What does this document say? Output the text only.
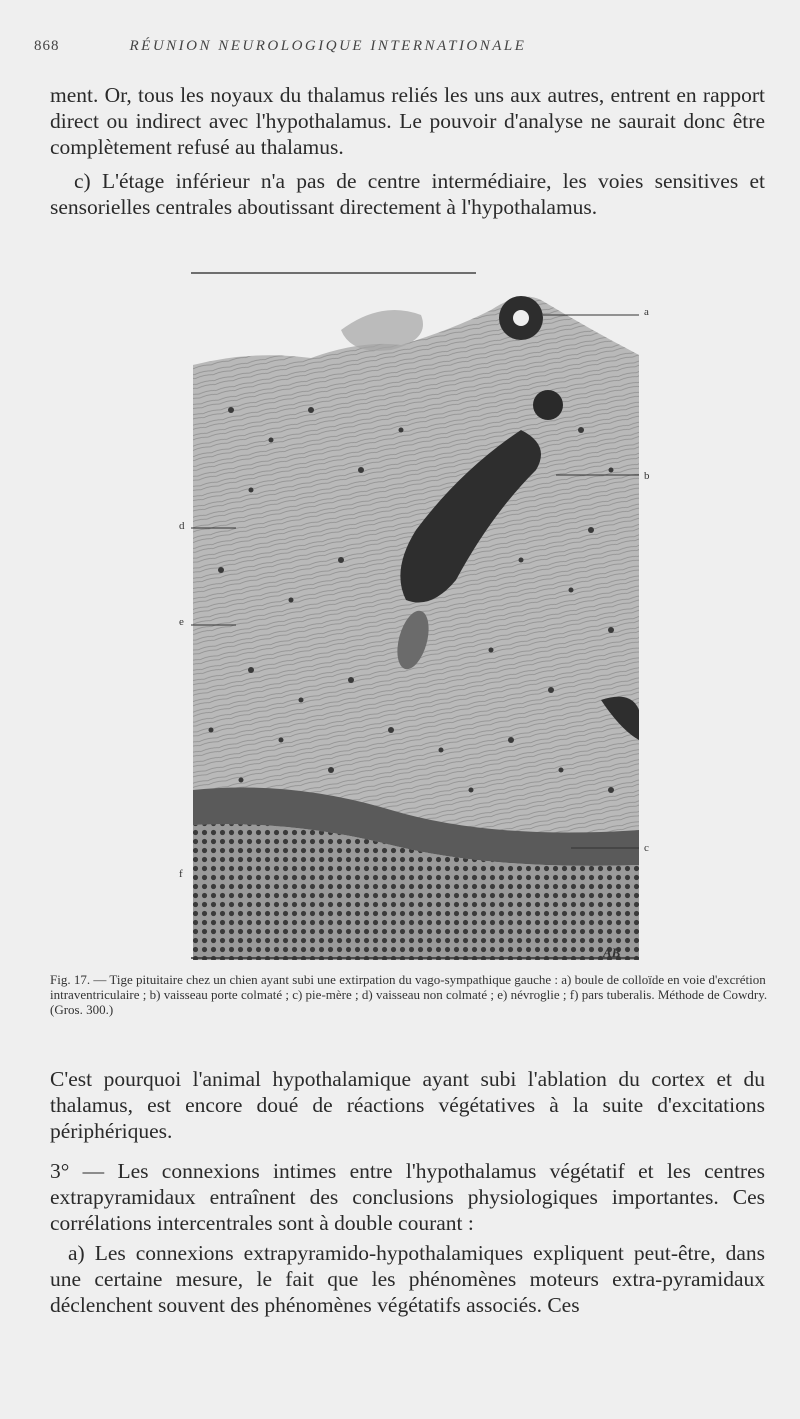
868	RÉUNION NEUROLOGIQUE INTERNATIONALE
ment. Or, tous les noyaux du thalamus reliés les uns aux autres, entrent en rapport direct ou indirect avec l'hypothalamus. Le pouvoir d'analyse ne saurait donc être complètement refusé au thalamus.
c) L'étage inférieur n'a pas de centre intermédiaire, les voies sensitives et sensorielles centrales aboutissant directement à l'hypothalamus.
a
b
d
e
c
f
AB
Fig. 17. — Tige pituitaire chez un chien ayant subi une extirpation du vago-sympathique gauche : a) boule de colloïde en voie d'excrétion intraventriculaire ; b) vaisseau porte colmaté ; c) pie-mère ; d) vaisseau non colmaté ; e) névroglie ; f) pars tuberalis. Méthode de Cowdry. (Gros. 300.)
C'est pourquoi l'animal hypothalamique ayant subi l'ablation du cortex et du thalamus, est encore doué de réactions végétatives à la suite d'excitations périphériques.
3° — Les connexions intimes entre l'hypothalamus végétatif et les centres extrapyramidaux entraînent des conclusions physiologiques importantes. Ces corrélations intercentrales sont à double courant :
a) Les connexions extrapyramido-hypothalamiques expliquent peut-être, dans une certaine mesure, le fait que les phénomènes moteurs extra-pyramidaux déclenchent souvent des phénomènes végétatifs associés. Ces
